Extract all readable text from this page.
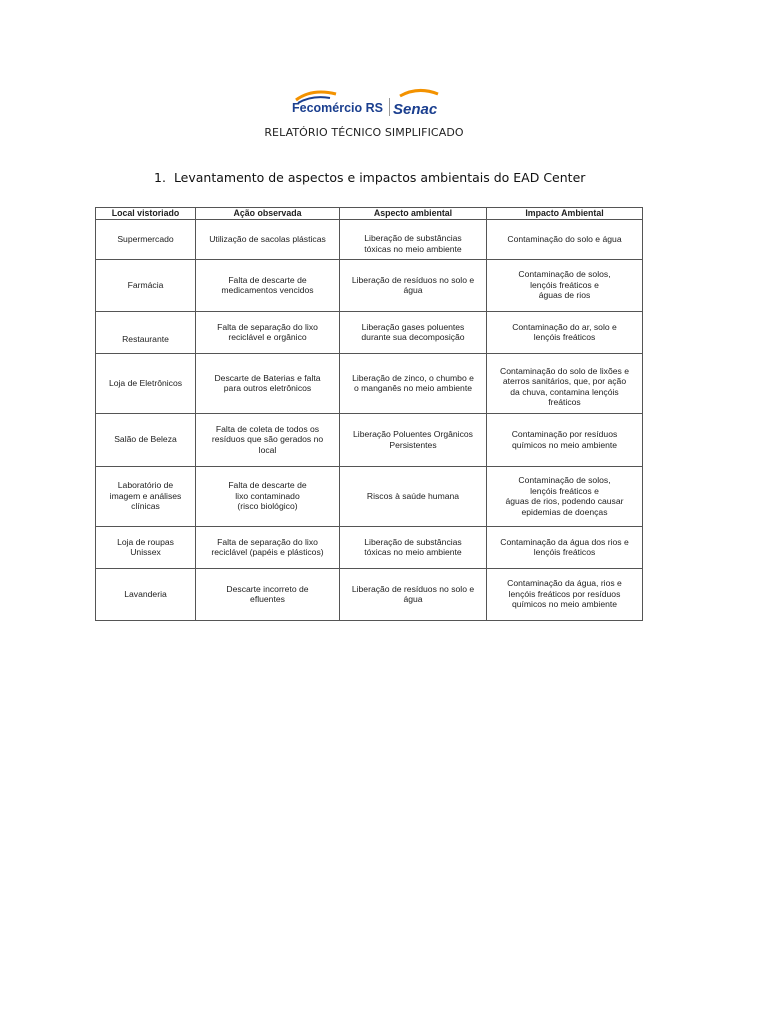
Fecomércio RS Senac
RELATÓRIO TÉCNICO SIMPLIFICADO
1. Levantamento de aspectos e impactos ambientais do EAD Center
Local vistoriado	Ação observada	Aspecto ambiental	Impacto Ambiental
Supermercado	Utilização de sacolas plásticas	Liberação de substâncias
tóxicas no meio ambiente	Contaminação do solo e água
Farmácia	Falta de descarte de
medicamentos vencidos	Liberação de resíduos no solo e
água	Contaminação de solos,
lençóis freáticos e
águas de rios
Restaurante	Falta de separação do lixo
reciclável e orgânico	Liberação gases poluentes
durante sua decomposição	Contaminação do ar, solo e
lençóis freáticos
Loja de Eletrônicos	Descarte de Baterias e falta
para outros eletrônicos	Liberação de zinco, o chumbo e
o manganês no meio ambiente	Contaminação do solo de lixões e
aterros sanitários, que, por ação
da chuva, contamina lençóis
freáticos
Salão de Beleza	Falta de coleta de todos os
resíduos que são gerados no
local	Liberação Poluentes Orgânicos
Persistentes	Contaminação por resíduos
químicos no meio ambiente
Laboratório de
imagem e análises
clínicas	Falta de descarte de
lixo contaminado
(risco biológico)	Riscos à saúde humana	Contaminação de solos,
lençóis freáticos e
águas de rios, podendo causar
epidemias de doenças
Loja de roupas
Unissex	Falta de separação do lixo
reciclável (papéis e plásticos)	Liberação de substâncias
tóxicas no meio ambiente	Contaminação da água dos rios e
lençóis freáticos
Lavanderia	Descarte incorreto de
efluentes	Liberação de resíduos no solo e
água	Contaminação da água, rios e
lençóis freáticos por resíduos
químicos no meio ambiente
